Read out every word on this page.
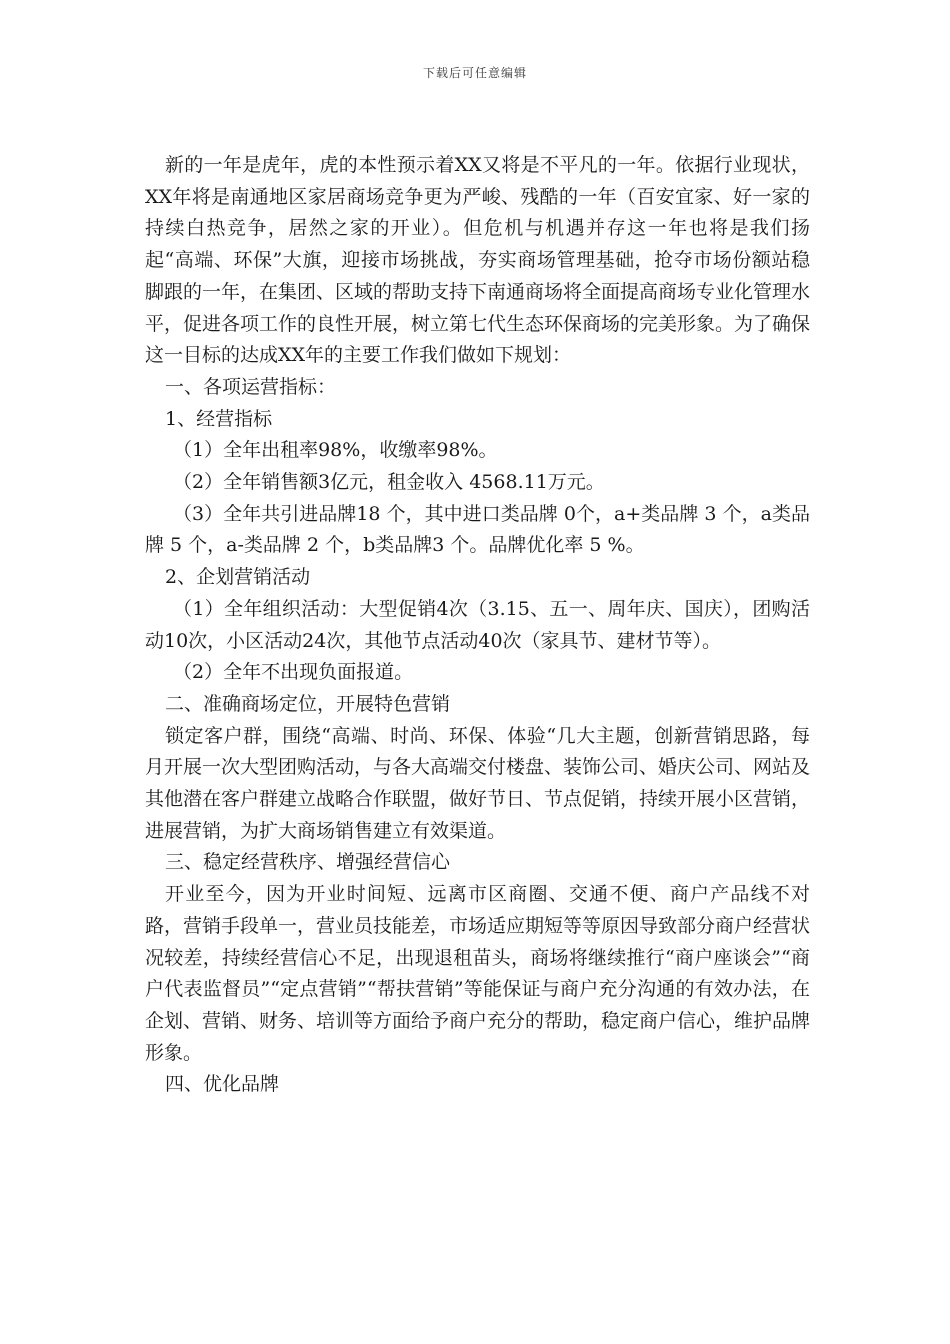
下载后可任意编辑

新的一年是虎年，虎的本性预示着XX又将是不平凡的一年。依据行业现状，XX年将是南通地区家居商场竞争更为严峻、残酷的一年（百安宜家、好一家的持续白热竞争，居然之家的开业）。但危机与机遇并存这一年也将是我们扬起“高端、环保”大旗，迎接市场挑战，夯实商场管理基础，抢夺市场份额站稳脚跟的一年，在集团、区域的帮助支持下南通商场将全面提高商场专业化管理水平，促进各项工作的良性开展，树立第七代生态环保商场的完美形象。为了确保这一目标的达成XX年的主要工作我们做如下规划：

一、各项运营指标：

1、经营指标

（1）全年出租率98%，收缴率98%。

（2）全年销售额3亿元，租金收入 4568.11万元。

（3）全年共引进品牌18 个，其中进口类品牌 0个，a+类品牌 3 个，a类品牌 5 个，a-类品牌 2 个，b类品牌3 个。品牌优化率 5 %。

2、企划营销活动

（1）全年组织活动：大型促销4次（3.15、五一、周年庆、国庆），团购活动10次，小区活动24次，其他节点活动40次（家具节、建材节等）。

（2）全年不出现负面报道。

二、准确商场定位，开展特色营销

锁定客户群，围绕“高端、时尚、环保、体验“几大主题，创新营销思路，每月开展一次大型团购活动，与各大高端交付楼盘、装饰公司、婚庆公司、网站及其他潜在客户群建立战略合作联盟，做好节日、节点促销，持续开展小区营销，进展营销，为扩大商场销售建立有效渠道。

三、稳定经营秩序、增强经营信心

开业至今，因为开业时间短、远离市区商圈、交通不便、商户产品线不对路，营销手段单一，营业员技能差，市场适应期短等等原因导致部分商户经营状况较差，持续经营信心不足，出现退租苗头，商场将继续推行“商户座谈会”“商户代表监督员”“定点营销”“帮扶营销”等能保证与商户充分沟通的有效办法，在企划、营销、财务、培训等方面给予商户充分的帮助，稳定商户信心，维护品牌形象。

四、优化品牌
